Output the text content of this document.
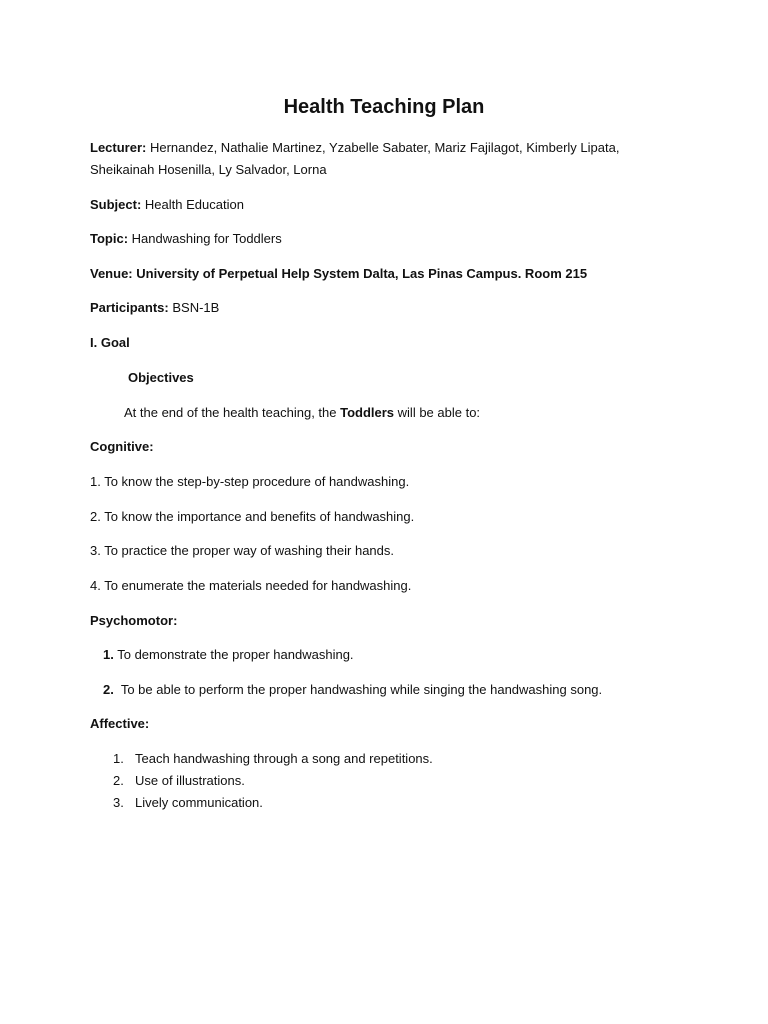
Health Teaching Plan
Lecturer: Hernandez, Nathalie Martinez, Yzabelle Sabater, Mariz Fajilagot, Kimberly Lipata,
Sheikainah Hosenilla, Ly Salvador, Lorna
Subject: Health Education
Topic: Handwashing for Toddlers
Venue: University of Perpetual Help System Dalta, Las Pinas Campus. Room 215
Participants: BSN-1B
I. Goal
Objectives
At the end of the health teaching, the Toddlers will be able to:
Cognitive:
1. To know the step-by-step procedure of handwashing.
2. To know the importance and benefits of handwashing.
3. To practice the proper way of washing their hands.
4. To enumerate the materials needed for handwashing.
Psychomotor:
1. To demonstrate the proper handwashing.
2.  To be able to perform the proper handwashing while singing the handwashing song.
Affective:
1. Teach handwashing through a song and repetitions.
2. Use of illustrations.
3. Lively communication.
